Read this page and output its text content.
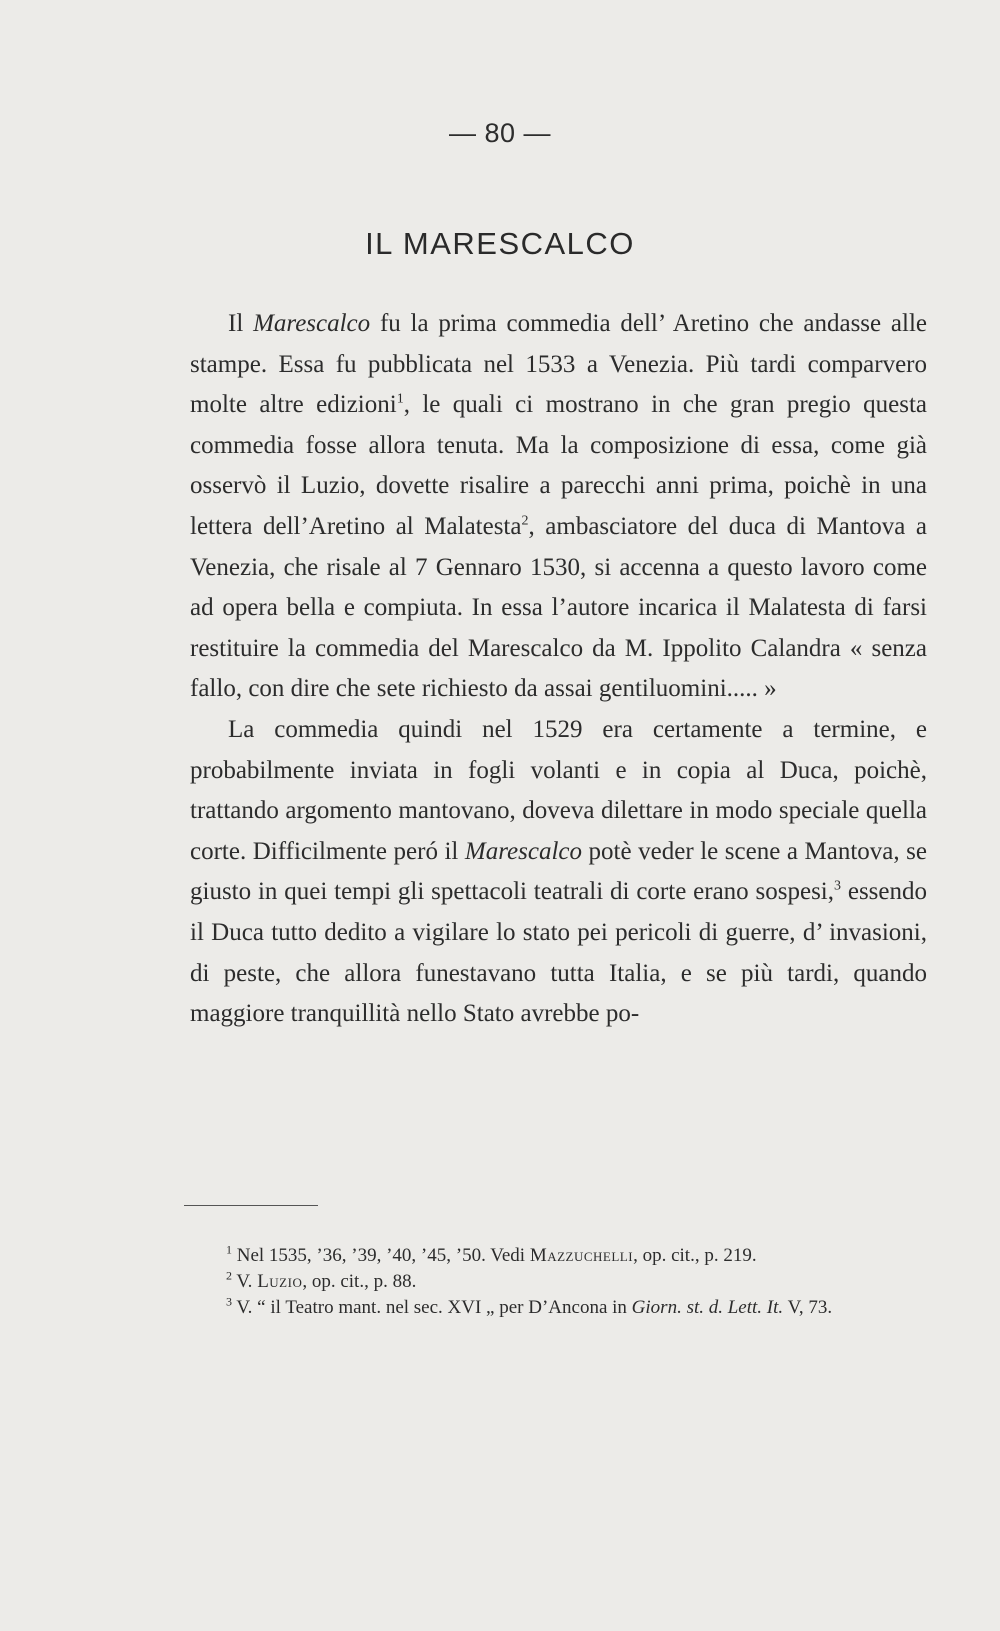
— 80 —
IL MARESCALCO

Il Marescalco fu la prima commedia dell’ Aretino che andasse alle stampe. Essa fu pubblicata nel 1533 a Venezia. Più tardi comparvero molte altre edizioni$^1$, le quali ci mostrano in che gran pregio questa commedia fosse allora tenuta. Ma la composizione di essa, come già osservò il Luzio, dovette risalire a parecchi anni prima, poichè in una lettera dell’Aretino al Malatesta$^2$, ambasciatore del duca di Mantova a Venezia, che risale al 7 Gennaro 1530, si accenna a questo lavoro come ad opera bella e compiuta. In essa l’autore incarica il Malatesta di farsi restituire la commedia del Marescalco da M. Ippolito Calandra « senza fallo, con dire che sete richiesto da assai gentiluomini..... »

La commedia quindi nel 1529 era certamente a termine, e probabilmente inviata in fogli volanti e in copia al Duca, poichè, trattando argomento mantovano, doveva dilettare in modo speciale quella corte. Difficilmente peró il Marescalco potè veder le scene a Mantova, se giusto in quei tempi gli spettacoli teatrali di corte erano sospesi,$^3$ essendo il Duca tutto dedito a vigilare lo stato pei pericoli di guerre, d’ invasioni, di peste, che allora funestavano tutta Italia, e se più tardi, quando maggiore tranquillità nello Stato avrebbe po-

$^1$ Nel 1535, ’36, ’39, ’40, ’45, ’50. Vedi Mazzuchelli, op. cit., p. 219.

$^2$ V. Luzio, op. cit., p. 88.

$^3$ V. “ il Teatro mant. nel sec. XVI „ per D’Ancona in Giorn. st. d. Lett. It. V, 73.
